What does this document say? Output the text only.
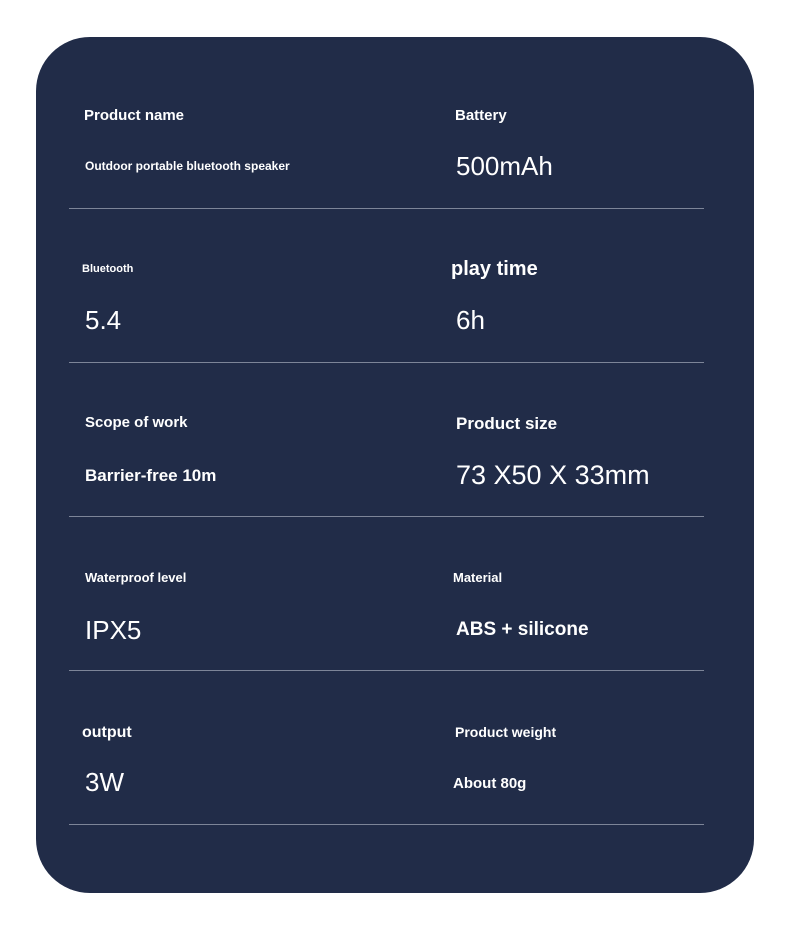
Product name
Outdoor portable bluetooth speaker
Battery
500mAh
Bluetooth
5.4
play time
6h
Scope of work
Barrier-free 10m
Product size
73 X50 X 33mm
Waterproof level
IPX5
Material
ABS + silicone
output
3W
Product weight
About 80g
